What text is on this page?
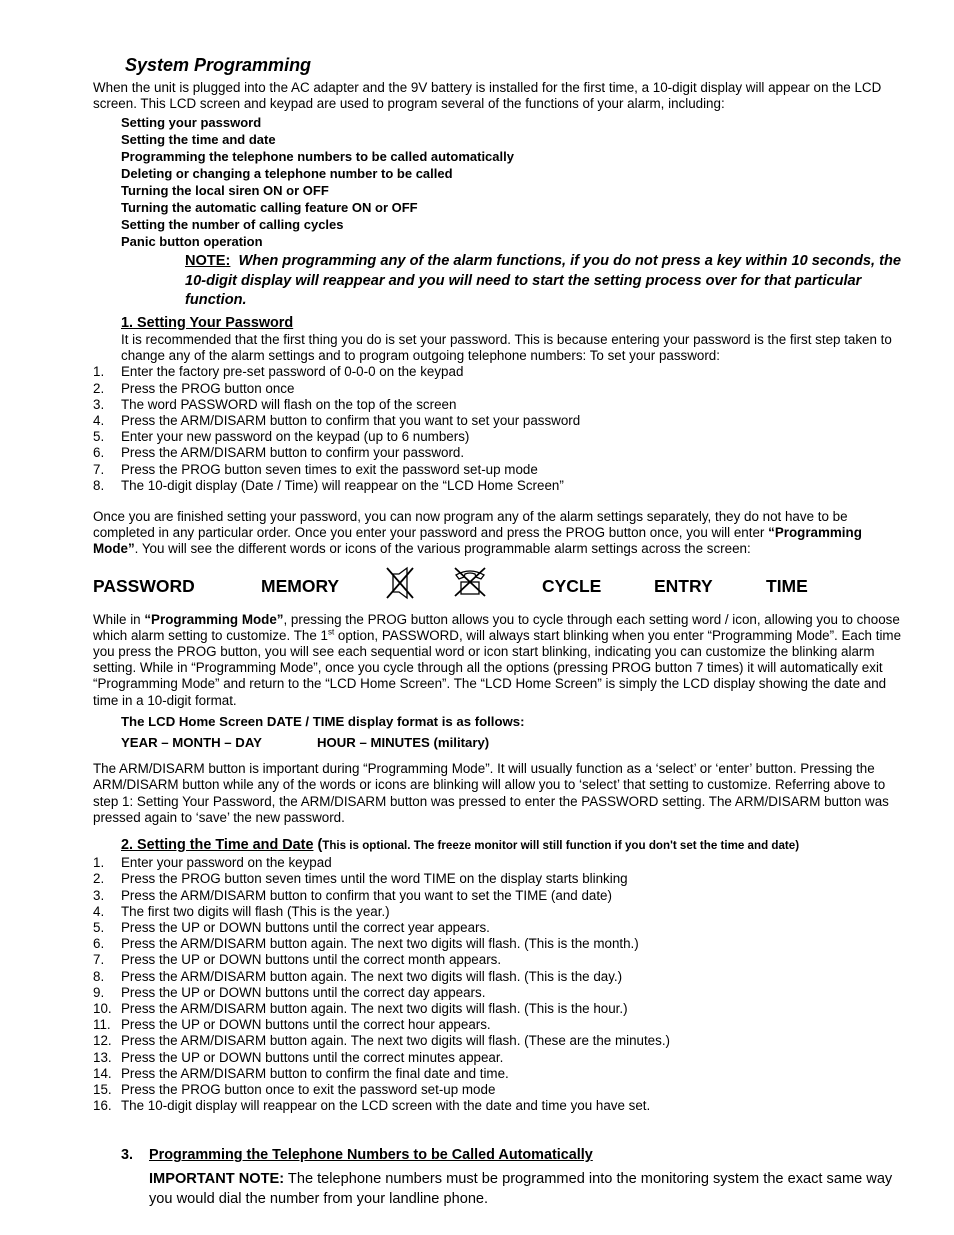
System Programming

When the unit is plugged into the AC adapter and the 9V battery is installed for the first time, a 10-digit display will appear on the LCD screen. This LCD screen and keypad are used to program several of the functions of your alarm, including:

Setting your password
Setting the time and date
Programming the telephone numbers to be called automatically
Deleting or changing a telephone number to be called
Turning the local siren ON or OFF
Turning the automatic calling feature ON or OFF
Setting the number of calling cycles
Panic button operation

NOTE: When programming any of the alarm functions, if you do not press a key within 10 seconds, the 10-digit display will reappear and you will need to start the setting process over for that particular function.

1. Setting Your Password

It is recommended that the first thing you do is set your password. This is because entering your password is the first step taken to change any of the alarm settings and to program outgoing telephone numbers: To set your password:

1.	Enter the factory pre-set password of 0-0-0 on the keypad
2.	Press the PROG button once
3.	The word PASSWORD will flash on the top of the screen
4.	Press the ARM/DISARM button to confirm that you want to set your password
5.	Enter your new password on the keypad (up to 6 numbers)
6.	Press the ARM/DISARM button to confirm your password.
7.	Press the PROG button seven times to exit the password set-up mode
8.	The 10-digit display (Date / Time) will reappear on the “LCD Home Screen”

Once you are finished setting your password, you can now program any of the alarm settings separately, they do not have to be completed in any particular order. Once you enter your password and press the PROG button once, you will enter “Programming Mode”. You will see the different words or icons of the various programmable alarm settings across the screen:

PASSWORD	MEMORY	CYCLE	ENTRY	TIME

While in “Programming Mode”, pressing the PROG button allows you to cycle through each setting word / icon, allowing you to choose which alarm setting to customize. The 1st option, PASSWORD, will always start blinking when you enter “Programming Mode”. Each time you press the PROG button, you will see each sequential word or icon start blinking, indicating you can customize the blinking alarm setting. While in “Programming Mode”, once you cycle through all the options (pressing PROG button 7 times) it will automatically exit “Programming Mode” and return to the “LCD Home Screen”. The “LCD Home Screen” is simply the LCD display showing the date and time in a 10-digit format.

The LCD Home Screen DATE / TIME display format is as follows:

YEAR – MONTH – DAY	HOUR – MINUTES (military)

The ARM/DISARM button is important during “Programming Mode”. It will usually function as a ‘select’ or ‘enter’ button. Pressing the ARM/DISARM button while any of the words or icons are blinking will allow you to ‘select’ that setting to customize. Referring above to step 1: Setting Your Password, the ARM/DISARM button was pressed to enter the PASSWORD setting. The ARM/DISARM button was pressed again to ‘save’ the new password.

2. Setting the Time and Date (This is optional. The freeze monitor will still function if you don't set the time and date)
1.	Enter your password on the keypad
2.	Press the PROG button seven times until the word TIME on the display starts blinking
3.	Press the ARM/DISARM button to confirm that you want to set the TIME (and date)
4.	The first two digits will flash (This is the year.)
5.	Press the UP or DOWN buttons until the correct year appears.
6.	Press the ARM/DISARM button again. The next two digits will flash. (This is the month.)
7.	Press the UP or DOWN buttons until the correct month appears.
8.	Press the ARM/DISARM button again. The next two digits will flash. (This is the day.)
9.	Press the UP or DOWN buttons until the correct day appears.
10. Press the ARM/DISARM button again. The next two digits will flash. (This is the hour.)
11. Press the UP or DOWN buttons until the correct hour appears.
12. Press the ARM/DISARM button again. The next two digits will flash. (These are the minutes.)
13. Press the UP or DOWN buttons until the correct minutes appear.
14. Press the ARM/DISARM button to confirm the final date and time.
15. Press the PROG button once to exit the password set-up mode
16. The 10-digit display will reappear on the LCD screen with the date and time you have set.
3.	Programming the Telephone Numbers to be Called Automatically

IMPORTANT NOTE: The telephone numbers must be programmed into the monitoring system the exact same way you would dial the number from your landline phone.
